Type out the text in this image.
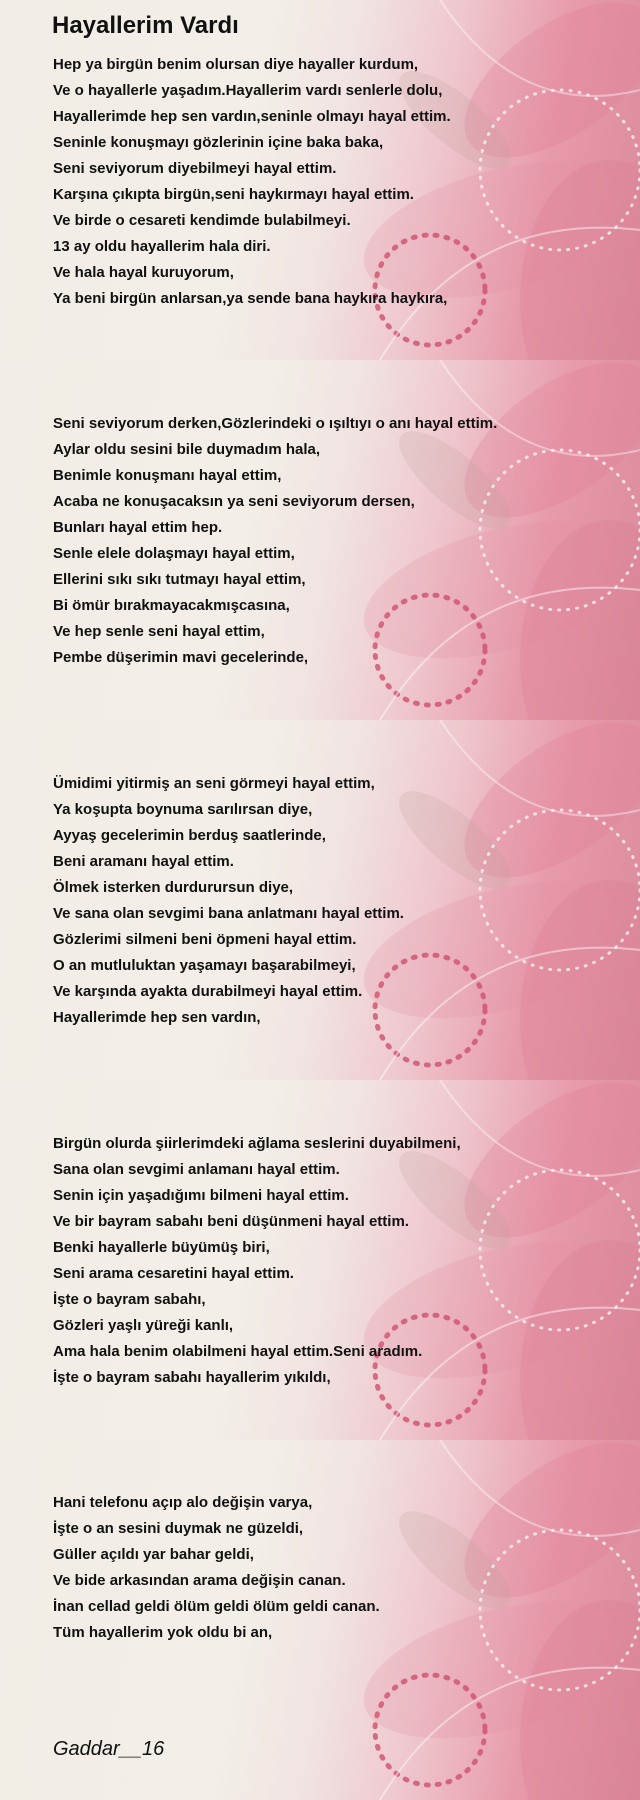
Hayallerim Vardı
Hep ya birgün benim olursan diye hayaller kurdum,
Ve o hayallerle yaşadım.Hayallerim vardı senlerle dolu,
Hayallerimde hep sen vardın,seninle olmayı hayal ettim.
Seninle konuşmayı gözlerinin içine baka baka,
Seni seviyorum diyebilmeyi hayal ettim.
Karşına çıkıpta birgün,seni haykırmayı hayal ettim.
Ve birde o cesareti kendimde bulabilmeyi.
13 ay oldu hayallerim hala diri.
Ve hala hayal kuruyorum,
Ya beni birgün anlarsan,ya sende bana haykıra haykıra,
Seni seviyorum derken,Gözlerindeki o ışıltıyı o anı hayal ettim.
Aylar oldu sesini bile duymadım hala,
Benimle konuşmanı hayal ettim,
Acaba ne konuşacaksın ya seni seviyorum dersen,
Bunları hayal ettim hep.
Senle elele dolaşmayı hayal ettim,
Ellerini sıkı sıkı tutmayı hayal ettim,
Bi ömür bırakmayacakmışcasına,
Ve hep senle seni hayal ettim,
Pembe düşerimin mavi gecelerinde,
Ümidimi yitirmiş an seni görmeyi hayal ettim,
Ya koşupta boynuma sarılırsan diye,
Ayyaş gecelerimin berduş saatlerinde,
Beni aramanı hayal ettim.
Ölmek isterken durdurursun diye,
Ve sana olan sevgimi bana anlatmanı hayal ettim.
Gözlerimi silmeni beni öpmeni hayal ettim.
O an mutluluktan yaşamayı başarabilmeyi,
Ve karşında ayakta durabilmeyi hayal ettim.
Hayallerimde hep sen vardın,
Birgün olurda şiirlerimdeki ağlama seslerini duyabilmeni,
Sana olan sevgimi anlamanı hayal ettim.
Senin için yaşadığımı bilmeni hayal ettim.
Ve bir bayram sabahı beni düşünmeni hayal ettim.
Benki hayallerle büyümüş biri,
Seni arama cesaretini hayal ettim.
İşte o bayram sabahı,
Gözleri yaşlı yüreği kanlı,
Ama hala benim olabilmeni hayal ettim.Seni aradım.
İşte o bayram sabahı hayallerim yıkıldı,
Hani telefonu açıp alo değişin varya,
İşte o an sesini duymak ne güzeldi,
Güller açıldı yar bahar geldi,
Ve bide arkasından arama değişin canan.
İnan cellad geldi ölüm geldi ölüm geldi canan.
Tüm hayallerim yok oldu bi an,
Gaddar__16
